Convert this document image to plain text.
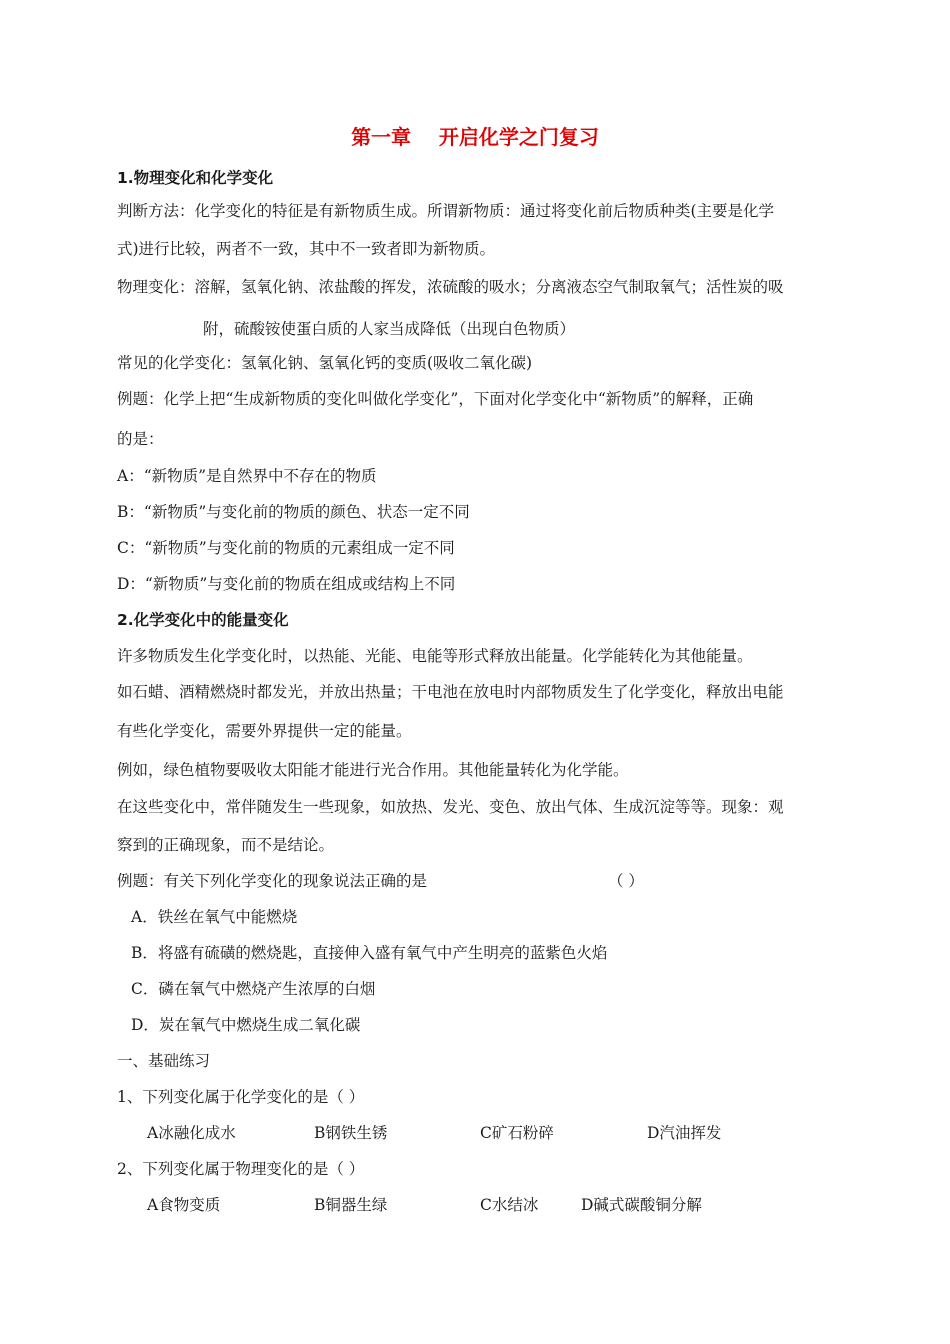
第一章    开启化学之门复习
1.物理变化和化学变化
判断方法：化学变化的特征是有新物质生成。所谓新物质：通过将变化前后物质种类(主要是化学
式)进行比较，两者不一致，其中不一致者即为新物质。
物理变化：溶解，氢氧化钠、浓盐酸的挥发，浓硫酸的吸水；分离液态空气制取氧气；活性炭的吸
附，硫酸铵使蛋白质的人家当成降低（出现白色物质）
常见的化学变化：氢氧化钠、氢氧化钙的变质(吸收二氧化碳)
例题：化学上把“生成新物质的变化叫做化学变化”，下面对化学变化中“新物质”的解释，正确
的是：
A：“新物质”是自然界中不存在的物质
B：“新物质”与变化前的物质的颜色、状态一定不同
C：“新物质”与变化前的物质的元素组成一定不同
D：“新物质”与变化前的物质在组成或结构上不同
2.化学变化中的能量变化
许多物质发生化学变化时，以热能、光能、电能等形式释放出能量。化学能转化为其他能量。
如石蜡、酒精燃烧时都发光，并放出热量；干电池在放电时内部物质发生了化学变化，释放出电能
有些化学变化，需要外界提供一定的能量。
例如，绿色植物要吸收太阳能才能进行光合作用。其他能量转化为化学能。
在这些变化中，常伴随发生一些现象，如放热、发光、变色、放出气体、生成沉淀等等。现象：观
察到的正确现象，而不是结论。
例题：有关下列化学变化的现象说法正确的是	（ ）
A．铁丝在氧气中能燃烧
B．将盛有硫磺的燃烧匙，直接伸入盛有氧气中产生明亮的蓝紫色火焰
C．磷在氧气中燃烧产生浓厚的白烟
D．炭在氧气中燃烧生成二氧化碳
一、基础练习
1、下列变化属于化学变化的是（ ）
A冰融化成水	B钢铁生锈	C矿石粉碎	D汽油挥发
2、下列变化属于物理变化的是（ ）
A食物变质	B铜器生绿	C水结冰	D碱式碳酸铜分解
